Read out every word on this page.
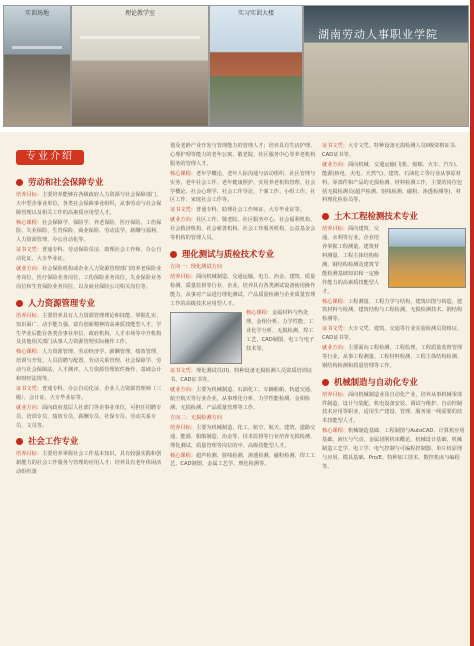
实训场地	理论教学室	实习实训大楼
湖南劳动人事职业学院
专业介绍
劳动和社会保障专业

培养目标：主要培养能够在各级政府人力资源与社会保障部门、大中型企事业单位、各类社会保障事业组织，从事劳动与社会保障管理以及相关工作的高素质应用型人才。

核心课程：社会保障学、保险学、养老保险、医疗保险、工伤保险、失业保险、生育保险、商业保险、劳动法学、薪酬与福利、人力资源管理、办公自动化等。

证书文凭：普通专科、劳动保险员证、助理社会工作师、办公自动化证、大专毕业证。

就业方向：社会保险机构或企业人力资源管理部门的养老保险业务岗位、医疗保险业务岗位、工伤保险业务岗位、失业保险业务岗位和生育保险业务岗位，以及商业保险公司相关岗位等。

人力资源管理专业

培养目标：主要培养具有人力资源管理理论和技能、掌握扎实、知识面广、动手能力强、富有创新精神的高素质技能型人才。学生毕业后能在各类企事业单位、政府机构、人才市场等中介机构及其他相关部门从事人力资源管理实际操作工作。

核心课程：人力资源管理、劳动经济学、薪酬管理、绩效管理、培训与开发、人员招聘与配置、劳动关系管理、社会保障学、劳动与社会保障法、人才测评、人力资源管理软件操作、基础会计和财经法规等。

证书文凭：普通专科、办公自动化证、企业人力资源管理师（三级）、会计证、大专毕业证等。

就业方向：面向政府基层人社部门等企事业单位，可担任招聘专员、培训专员、绩效专员、薪酬专员、社保专员、劳动关系专员、文员等。

社会工作专业

培养目标：主要培养掌握社会工作基本知识，具有较强实践和创新能力的社会工作服务与管理的应用人才；培养具有老年休闲活动组织策

划及老龄产业开发与管理能力的管理人才；培养具有生活护理、心理护理等能力的老年公寓、敬老院、社区服务中心等养老机构服务的管理人才。

核心课程：老年学概论、老年人际沟通与活动组织、社区管理与实务、老年社会工作、老年健康照护、实用养老机构管理、社会学概论、社会心理学、社会工作导论、个案工作、小组工作、社区工作、家庭社会工作等。

证书文凭：普通专科、助理社会工作师证、大专毕业证等。

就业方向：社区工作、敬老院、社区服务中心、社会福利机构、社会救济机构、社会慈善机构、社会工作服务机构、公益基金会等机构的管理人员。

理化测试与质检技术专业

方向一：理化测试方向

培养目标：面向机械制造、交通运输、电力、冶金、建筑、质量检测、质量监督等行业、企业，培养具有各类测试设备使用操作能力，从事对产品进行理化测试、产品质量检测与企业质量管理工作的高级技术应用型人才。

核心课程：金属材料与热处理、金相分析、力学性能、工业化学分析、无损检测、焊工工艺、CAD制图、电工与电子技术等。

证书文凭：理化测试员(II)、特种设备无损检测人员资质培训证书、CAD证书等。

就业方向：主要为机械制造、石油化工、车辆船舶、轨道交通、航空航天等行业企业，从事理化分析、力学性能检测、金相检测、无损检测、产品质量管理等工作。

方向二：无损检测方向

培养目标：主要为机械制造、化工、航空、航天、建筑、道路交通、能源、船舶制造、冶金等，技术监督等行业培养无损检测、理化测试、质量管理等岗位的中、高级技能型人才。

核心课程：超声检测、射线检测、渗透检测、磁粉检测、焊工工艺、CAD制图、金属工艺学、理化检测等。

证书文凭：大专文凭、特种设备无损检测人员II级资格证书、CAD证书等。

就业方向：面向机械、交通运输(飞机、船舶、火车、汽车)、能源(核电、火电、天然气)、建筑、石油化工等行业从事原材料、零部件和产品的无损检测、材料检测工作，主要的岗位包括无损检测员(超声检测、射线检测、磁粉、渗透检测等)、材料理化检验员等。

土木工程检测技术专业

培养目标：面向建筑、交通、水利等行业，企业培养掌握工程测量、建筑材料测量、工程主体结构检测、钢结构检测及建筑节能检测基础知识和一定操作能力的高素质技能型人才。

核心课程：工程测量、工程力学与结构、建筑识图与构造、建筑材料与检测、建筑结构与工程检测、无损检测技术、钢结构检测等。

证书文凭：大专文凭、建筑、交通等行业实验检测员资格证、CAD证书等。

就业方向：主要面向工程检测、工程监理、工程质量监督管理等行业，从事工程测量、工程材料检测、工程主体结构检测、钢结构检测和质量管理等工作。

机械制造与自动化专业

培养目标：面向机械制造业及自动化产业，培养从事机械零部件制造、设计与装配、机电设备安装、调试与维护、自动控制技术应用等职业，适用生产建设、管理、服务第一线需要的技术技能型人才。

核心课程：机械制造基础、工程制图与AutoCAD、计算机应用基础、液压与气动、金属切削机床概论、机械设计基础、机械制造工艺学、电工学、电气控制与可编程控制器、单片机原理与应用、模具基础、Pro/E、特种加工技术、数控机床与编程等。
